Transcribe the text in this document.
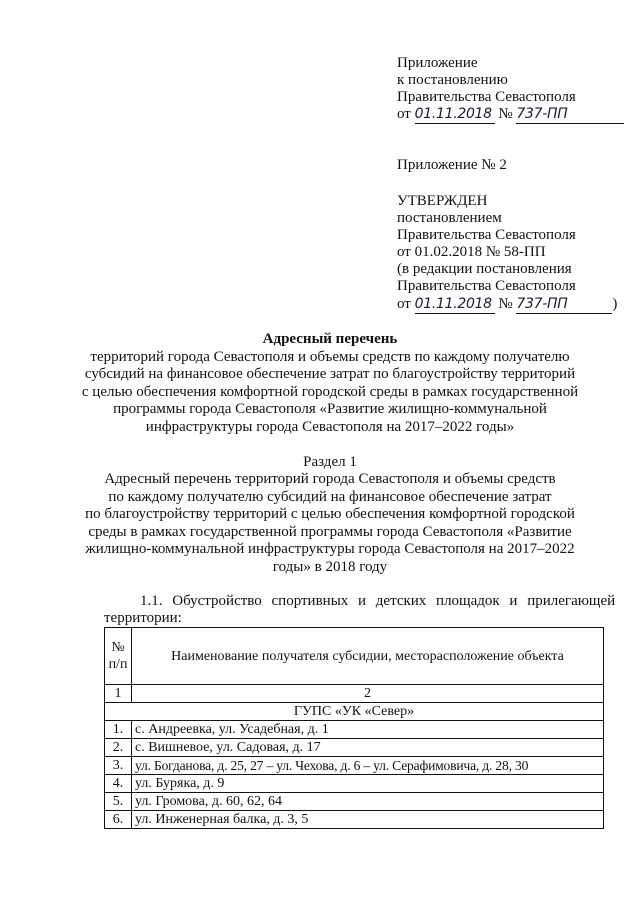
Приложение
к постановлению
Правительства Севастополя
от 01.11.2018 № 737-ПП
Приложение № 2
УТВЕРЖДЕН
постановлением
Правительства Севастополя
от 01.02.2018 № 58-ПП
(в редакции постановления
Правительства Севастополя
от 01.11.2018 № 737-ПП	)
Адресный перечень
территорий города Севастополя и объемы средств по каждому получателю
субсидий на финансовое обеспечение затрат по благоустройству территорий
с целью обеспечения комфортной городской среды в рамках государственной
программы города Севастополя «Развитие жилищно-коммунальной
инфраструктуры города Севастополя на 2017–2022 годы»
Раздел 1
Адресный перечень территорий города Севастополя и объемы средств
по каждому получателю субсидий на финансовое обеспечение затрат
по благоустройству территорий с целью обеспечения комфортной городской
среды в рамках государственной программы города Севастополя «Развитие
жилищно-коммунальной инфраструктуры города Севастополя на 2017–2022
годы» в 2018 году
1.1. Обустройство спортивных и детских площадок и прилегающей
территории:
№
п/п	Наименование получателя субсидии, месторасположение объекта
1	2
ГУПС «УК «Север»	
1.	с. Андреевка, ул. Усадебная, д. 1
2.	с. Вишневое, ул. Садовая, д. 17
3.	ул. Богданова, д. 25, 27 – ул. Чехова, д. 6 – ул. Серафимовича, д. 28, 30
4.	ул. Буряка, д. 9
5.	ул. Громова, д. 60, 62, 64
6.	ул. Инженерная балка, д. 3, 5
